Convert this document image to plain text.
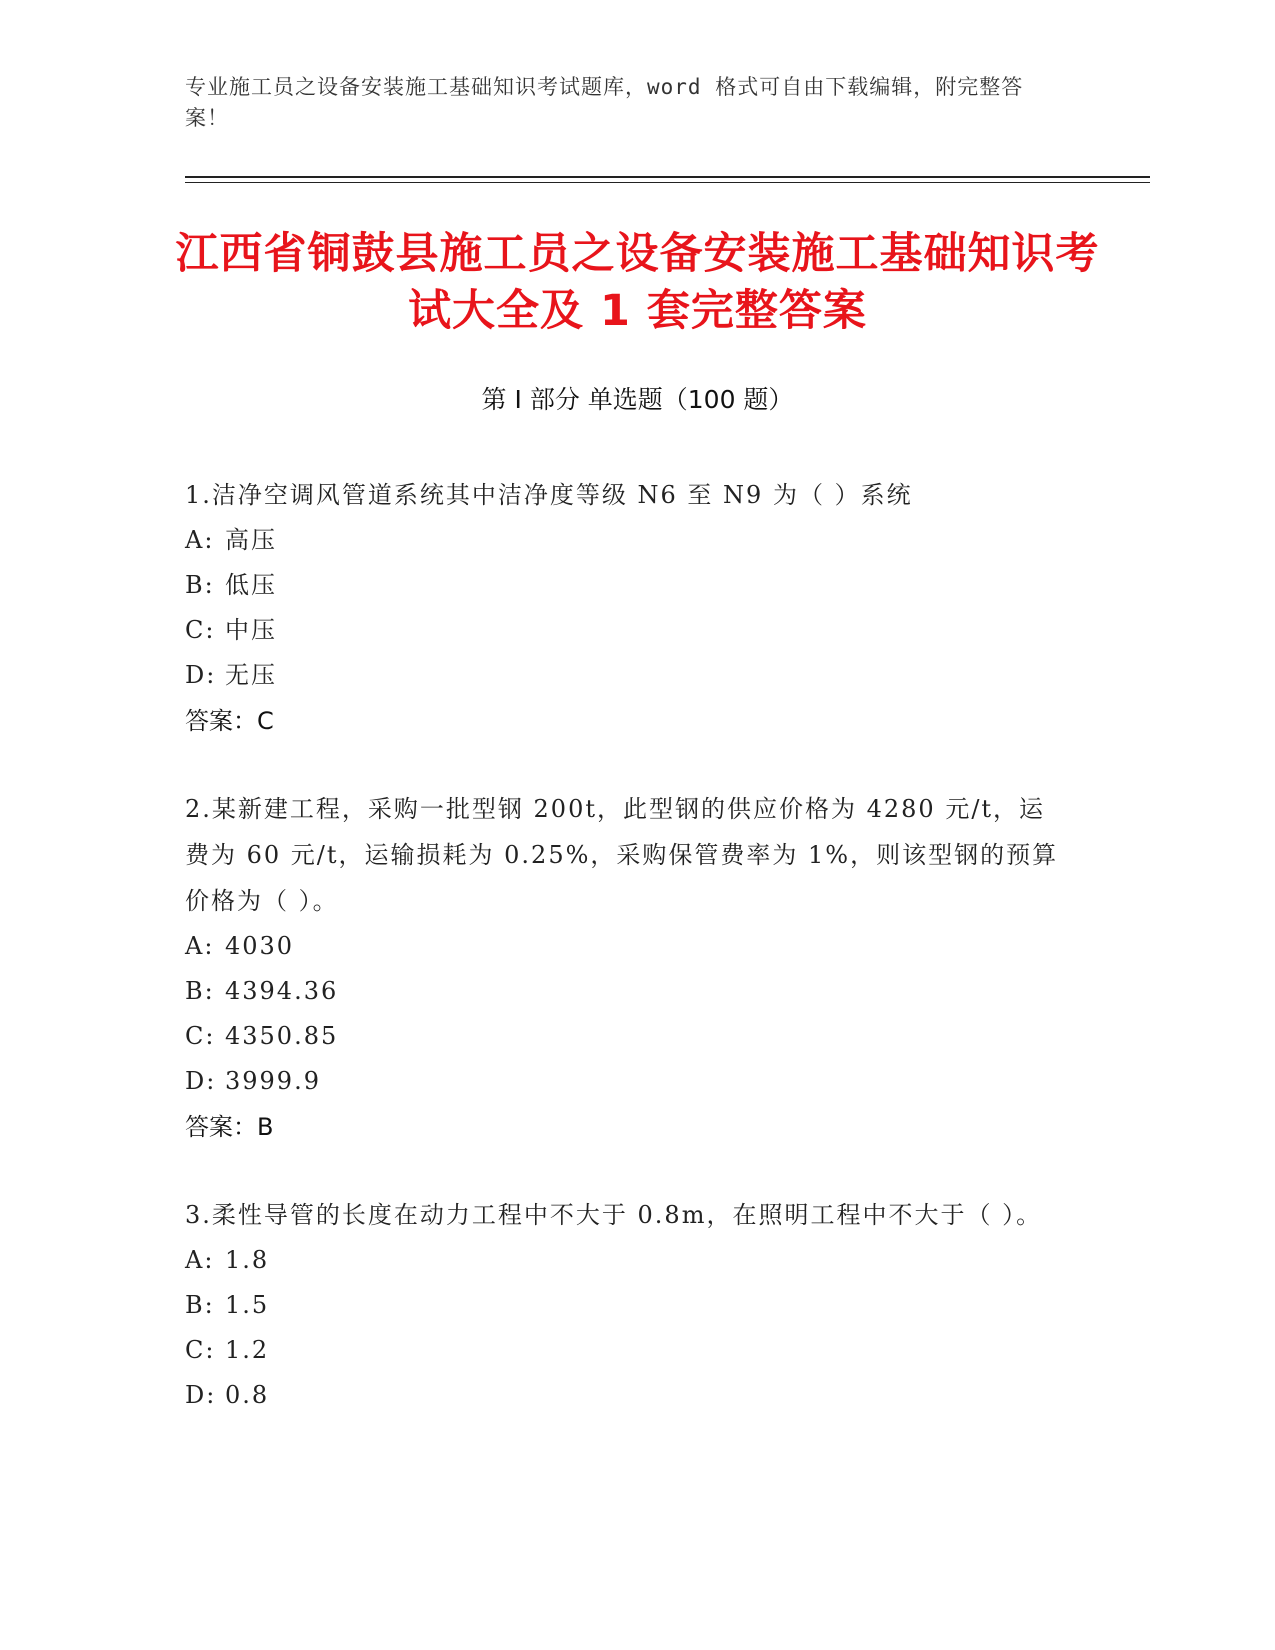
专业施工员之设备安装施工基础知识考试题库，word 格式可自由下载编辑，附完整答案！
江西省铜鼓县施工员之设备安装施工基础知识考试大全及 1 套完整答案
第 I 部分 单选题（100 题）

1.洁净空调风管道系统其中洁净度等级 N6 至 N9 为（ ）系统

A: 高压

B: 低压

C: 中压

D: 无压

答案：C

2.某新建工程，采购一批型钢 200t，此型钢的供应价格为 4280 元/t，运费为 60 元/t，运输损耗为 0.25%，采购保管费率为 1%，则该型钢的预算价格为（ ）。

A: 4030

B: 4394.36

C: 4350.85

D: 3999.9

答案：B

3.柔性导管的长度在动力工程中不大于 0.8m，在照明工程中不大于（ ）。

A: 1.8

B: 1.5

C: 1.2

D: 0.8
